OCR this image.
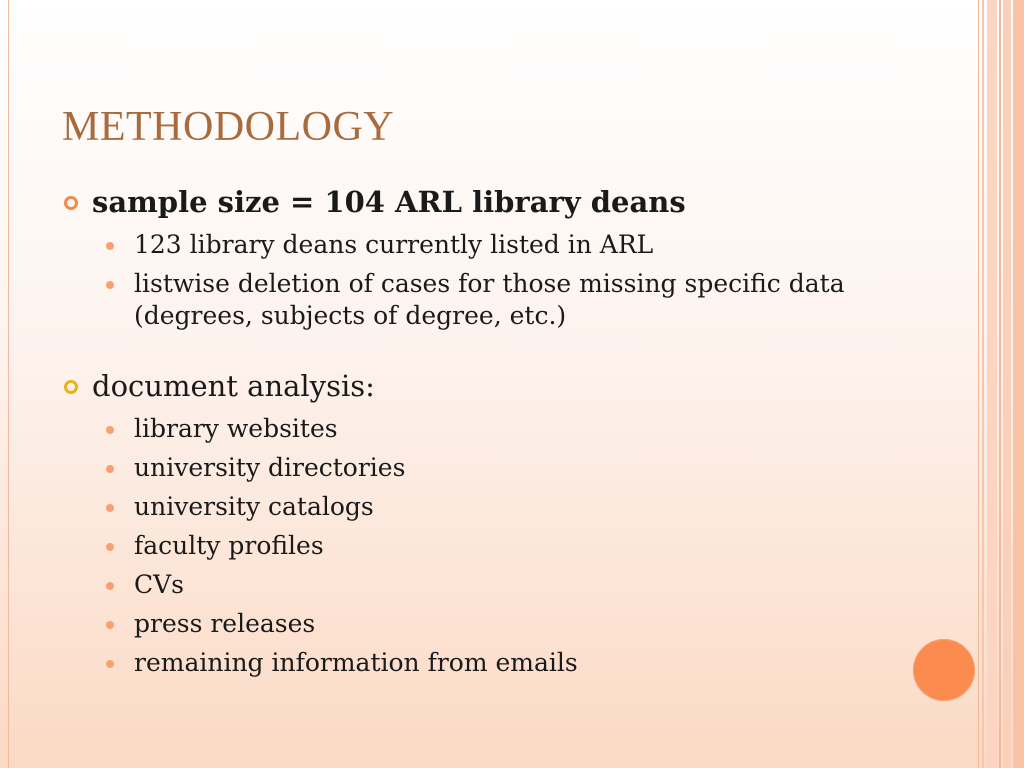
METHODOLOGY
sample size = 104 ARL library deans
123 library deans currently listed in ARL
listwise deletion of cases for those missing specific data (degrees, subjects of degree, etc.)
document analysis:
library websites
university directories
university catalogs
faculty profiles
CVs
press releases
remaining information from emails
